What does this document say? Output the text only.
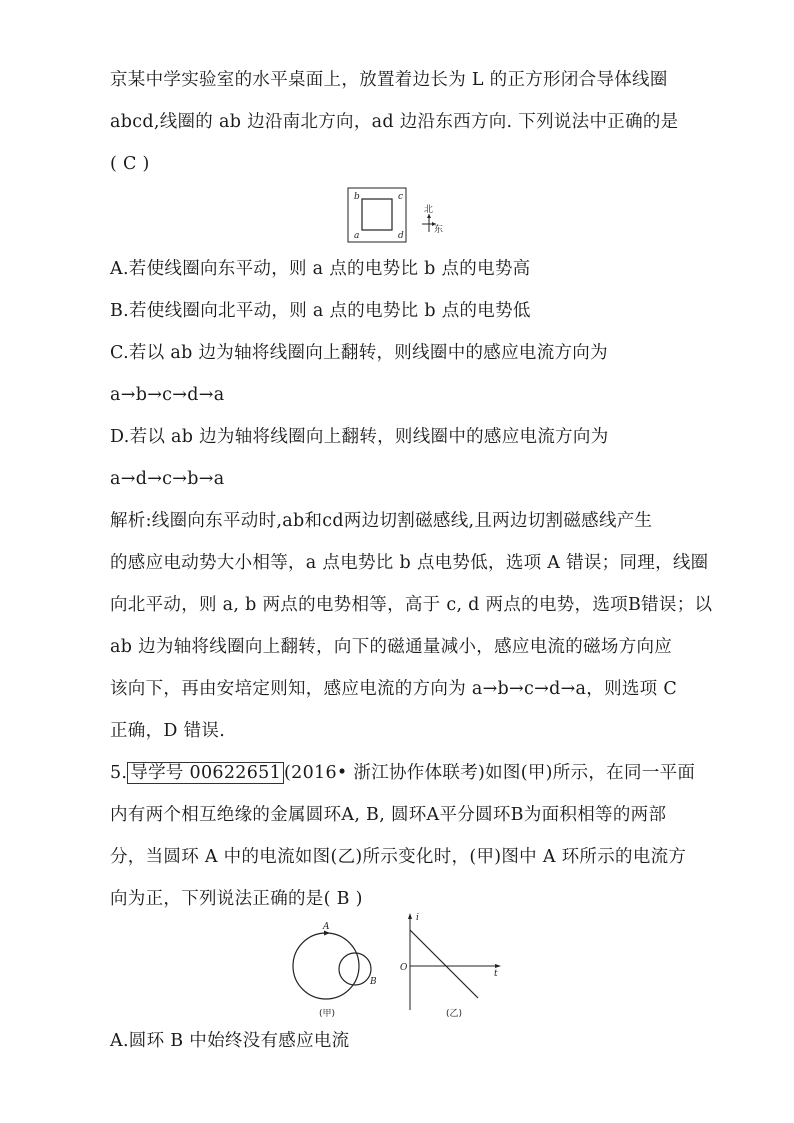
京某中学实验室的水平桌面上，放置着边长为 L 的正方形闭合导体线圈
abcd,线圈的 ab 边沿南北方向，ad 边沿东西方向. 下列说法中正确的是
( C )
b	c
a	d
北
东
A.若使线圈向东平动，则 a 点的电势比 b 点的电势高
B.若使线圈向北平动，则 a 点的电势比 b 点的电势低
C.若以 ab 边为轴将线圈向上翻转，则线圈中的感应电流方向为
a→b→c→d→a
D.若以 ab 边为轴将线圈向上翻转，则线圈中的感应电流方向为
a→d→c→b→a
解析:线圈向东平动时,ab和cd两边切割磁感线,且两边切割磁感线产生
的感应电动势大小相等，a 点电势比 b 点电势低，选项 A 错误；同理，线圈
向北平动，则 a, b 两点的电势相等，高于 c, d 两点的电势，选项B错误；以
ab 边为轴将线圈向上翻转，向下的磁通量减小，感应电流的磁场方向应
该向下，再由安培定则知，感应电流的方向为 a→b→c→d→a，则选项 C
正确，D 错误.
5. 导学号 00622651 (2016• 浙江协作体联考)如图(甲)所示，在同一平面
内有两个相互绝缘的金属圆环A, B, 圆环A平分圆环B为面积相等的两部
分，当圆环 A 中的电流如图(乙)所示变化时，(甲)图中 A 环所示的电流方
向为正，下列说法正确的是( B )
A
B
(甲)
i
t
O
(乙)
A.圆环 B 中始终没有感应电流
